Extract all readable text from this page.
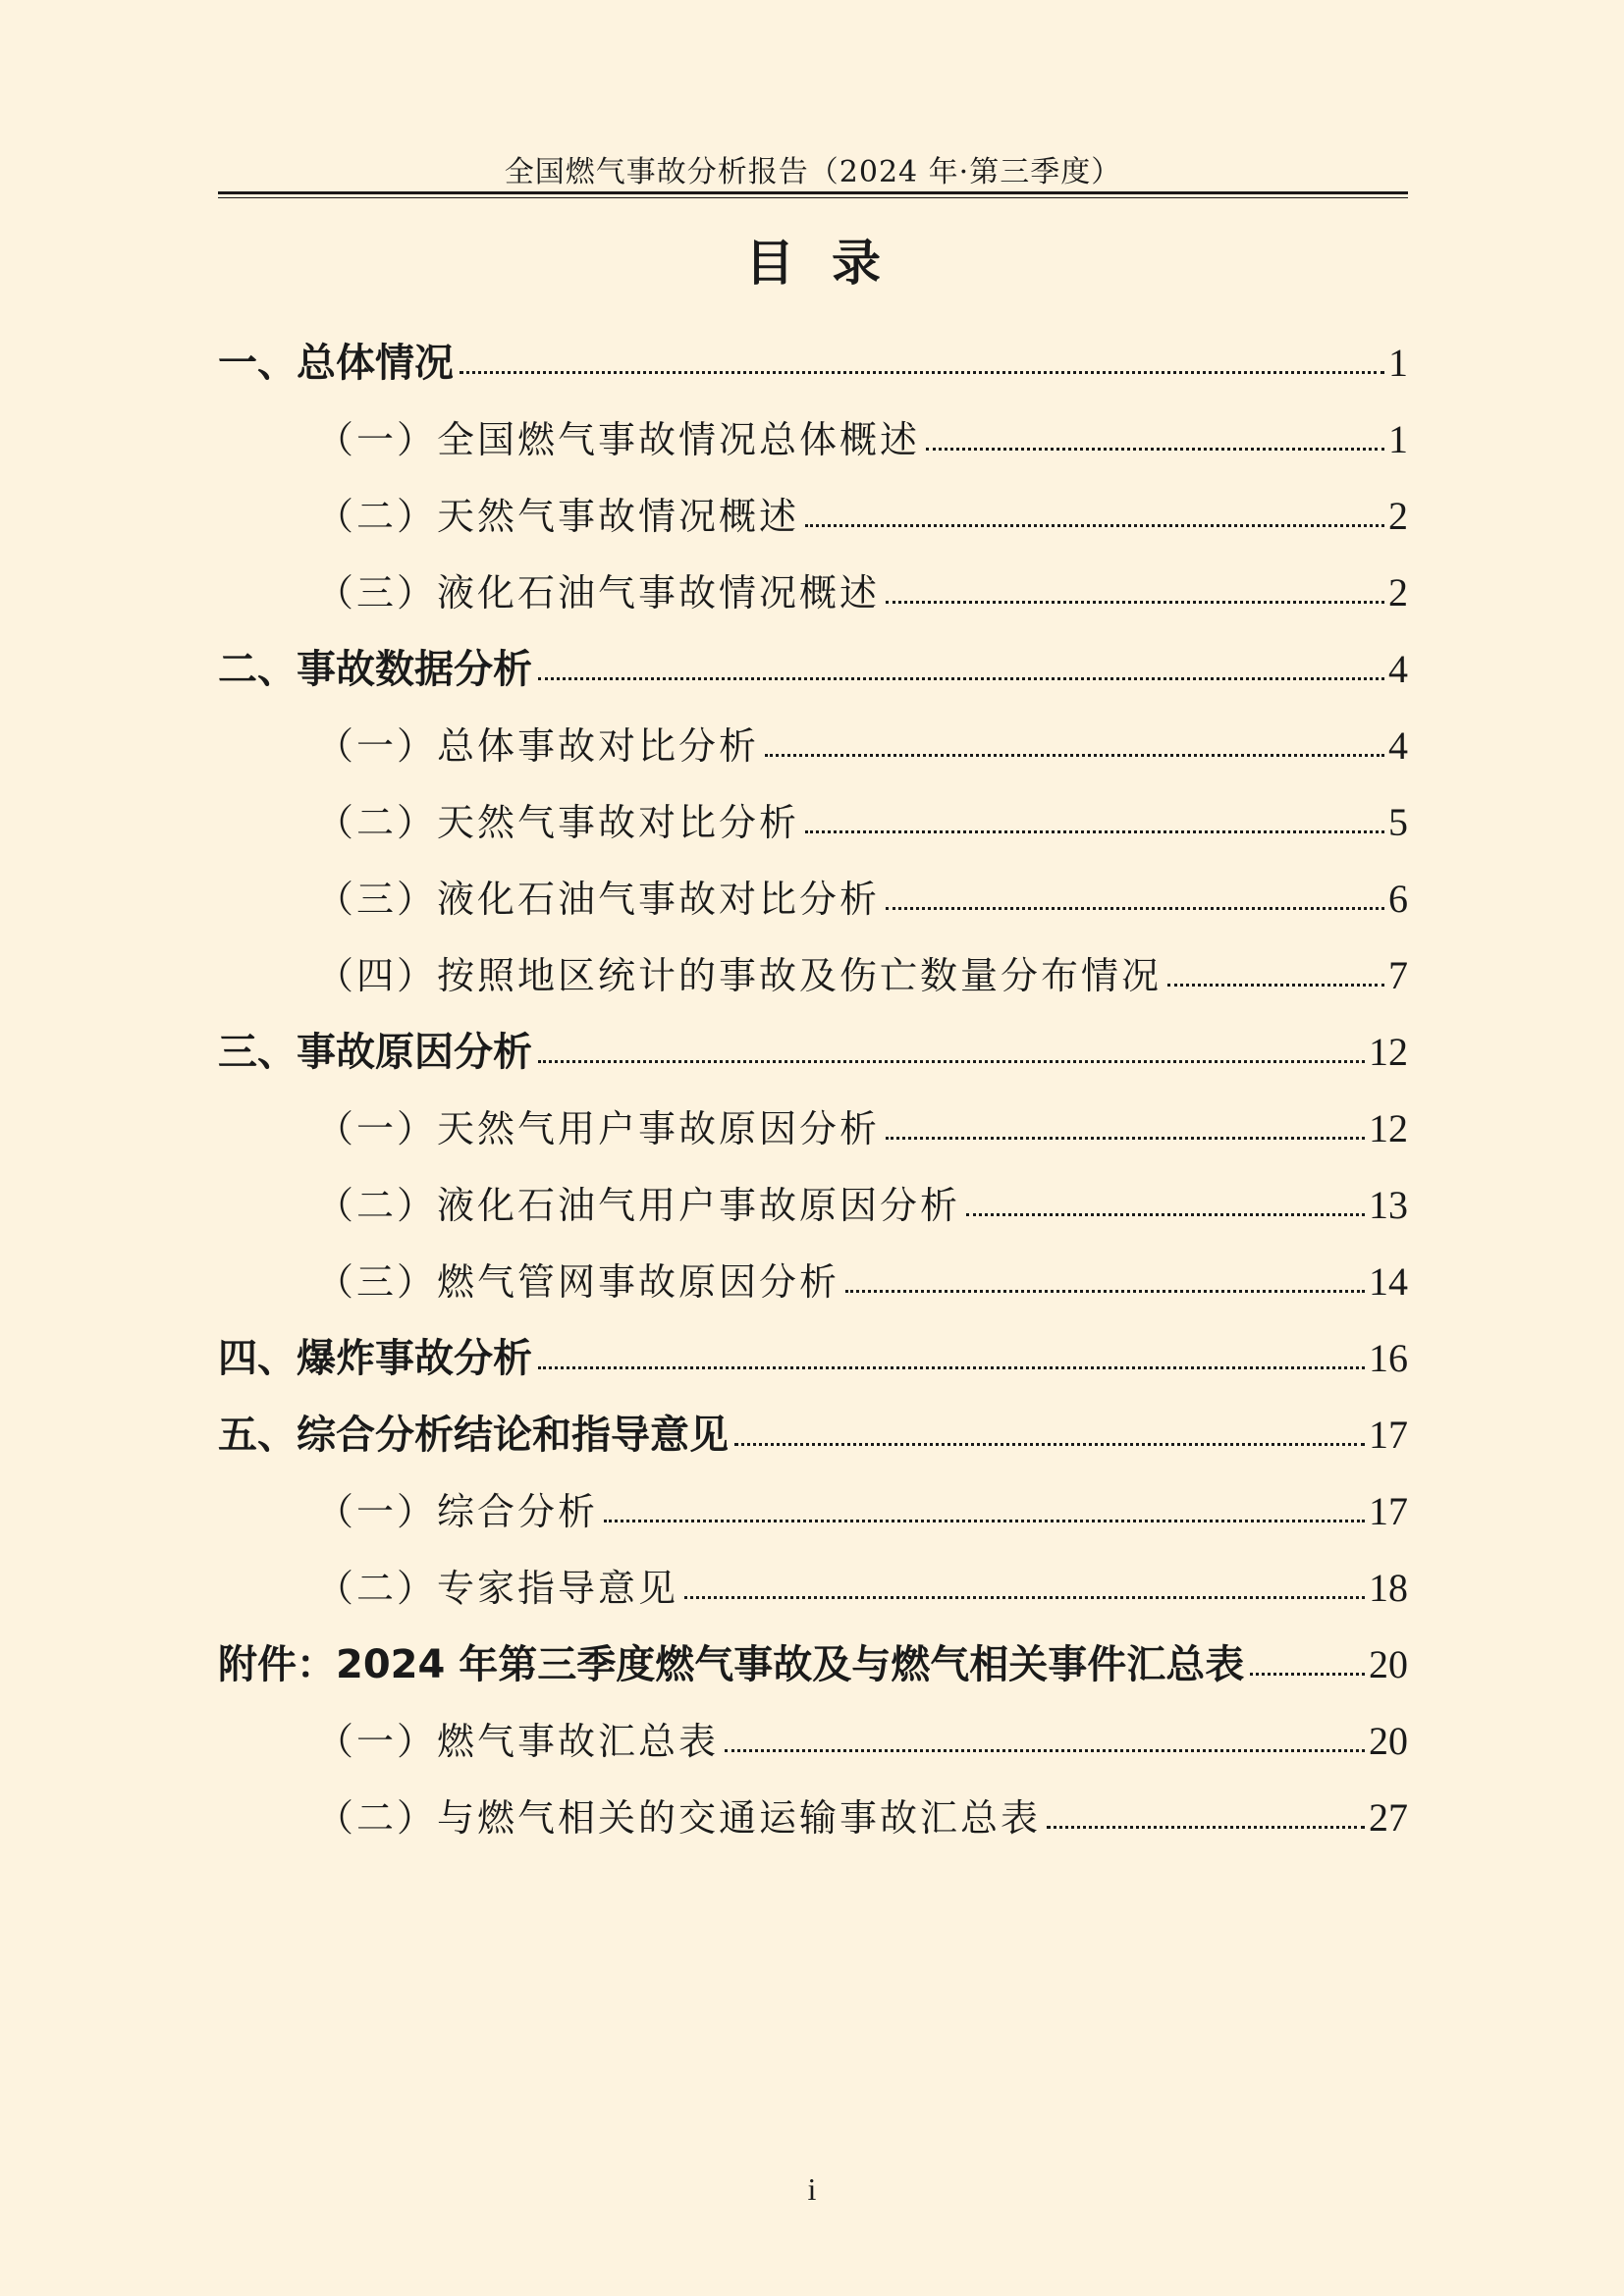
全国燃气事故分析报告（2024 年·第三季度）
目录
一、总体情况	1
（一）全国燃气事故情况总体概述	1
（二）天然气事故情况概述	2
（三）液化石油气事故情况概述	2
二、事故数据分析	4
（一）总体事故对比分析	4
（二）天然气事故对比分析	5
（三）液化石油气事故对比分析	6
（四）按照地区统计的事故及伤亡数量分布情况	7
三、事故原因分析	12
（一）天然气用户事故原因分析	12
（二）液化石油气用户事故原因分析	13
（三）燃气管网事故原因分析	14
四、爆炸事故分析	16
五、综合分析结论和指导意见	17
（一）综合分析	17
（二）专家指导意见	18
附件：2024 年第三季度燃气事故及与燃气相关事件汇总表	20
（一）燃气事故汇总表	20
（二）与燃气相关的交通运输事故汇总表	27
i
